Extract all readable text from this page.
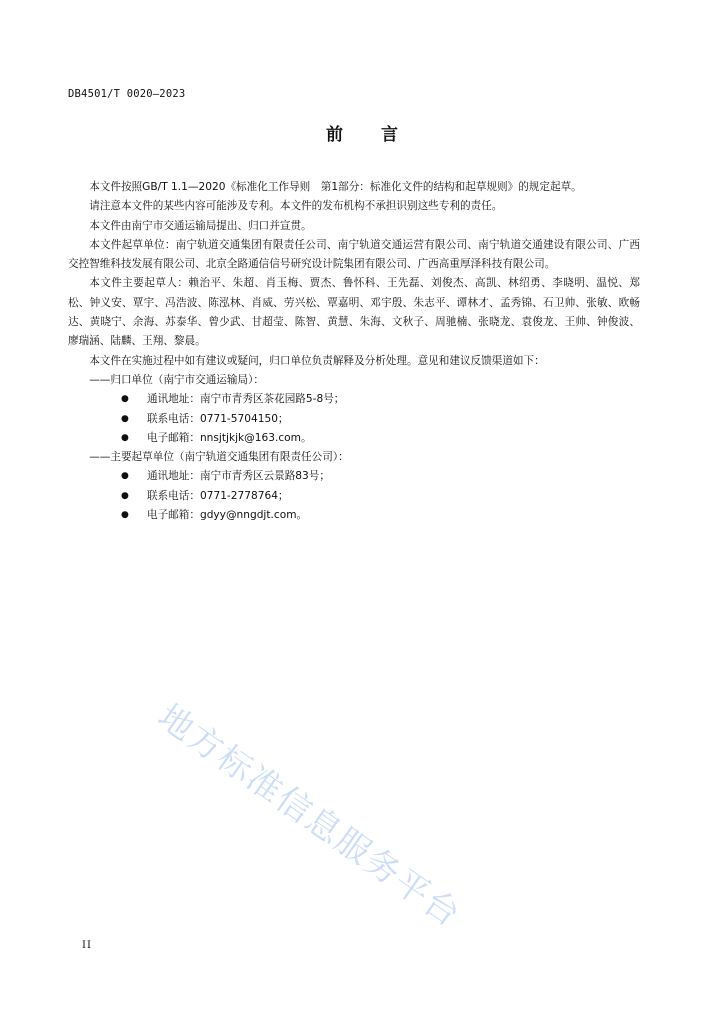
DB4501/T 0020—2023
前 言

本文件按照GB/T 1.1—2020《标准化工作导则　第1部分：标准化文件的结构和起草规则》的规定起草。

请注意本文件的某些内容可能涉及专利。本文件的发布机构不承担识别这些专利的责任。

本文件由南宁市交通运输局提出、归口并宣贯。

本文件起草单位：南宁轨道交通集团有限责任公司、南宁轨道交通运营有限公司、南宁轨道交通建设有限公司、广西交控智维科技发展有限公司、北京全路通信信号研究设计院集团有限公司、广西高重厚泽科技有限公司。

本文件主要起草人：赖治平、朱超、肖玉梅、贾杰、鲁怀科、王先磊、刘俊杰、高凯、林绍勇、李晓明、温悦、郑松、钟义安、覃宇、冯浩波、陈泓林、肖威、劳兴松、覃嘉明、邓宇殷、朱志平、谭林才、孟秀锦、石卫帅、张敏、欧畅达、黄晓宁、余海、苏泰华、曾少武、甘超莹、陈智、黄慧、朱海、文秋子、周驰楠、张晓龙、袁俊龙、王帅、钟俊波、廖瑞涵、陆麟、王翔、黎晨。

本文件在实施过程中如有建议或疑问，归口单位负责解释及分析处理。意见和建议反馈渠道如下：

——归口单位（南宁市交通运输局）：
● 通讯地址：南宁市青秀区茶花园路5-8号；
● 联系电话：0771-5704150；
● 电子邮箱：nnsjtjkjk@163.com。
——主要起草单位（南宁轨道交通集团有限责任公司）：
● 通讯地址：南宁市青秀区云景路83号；
● 联系电话：0771-2778764；
● 电子邮箱：gdyy@nngdjt.com。
地方标准信息服务平台
II
